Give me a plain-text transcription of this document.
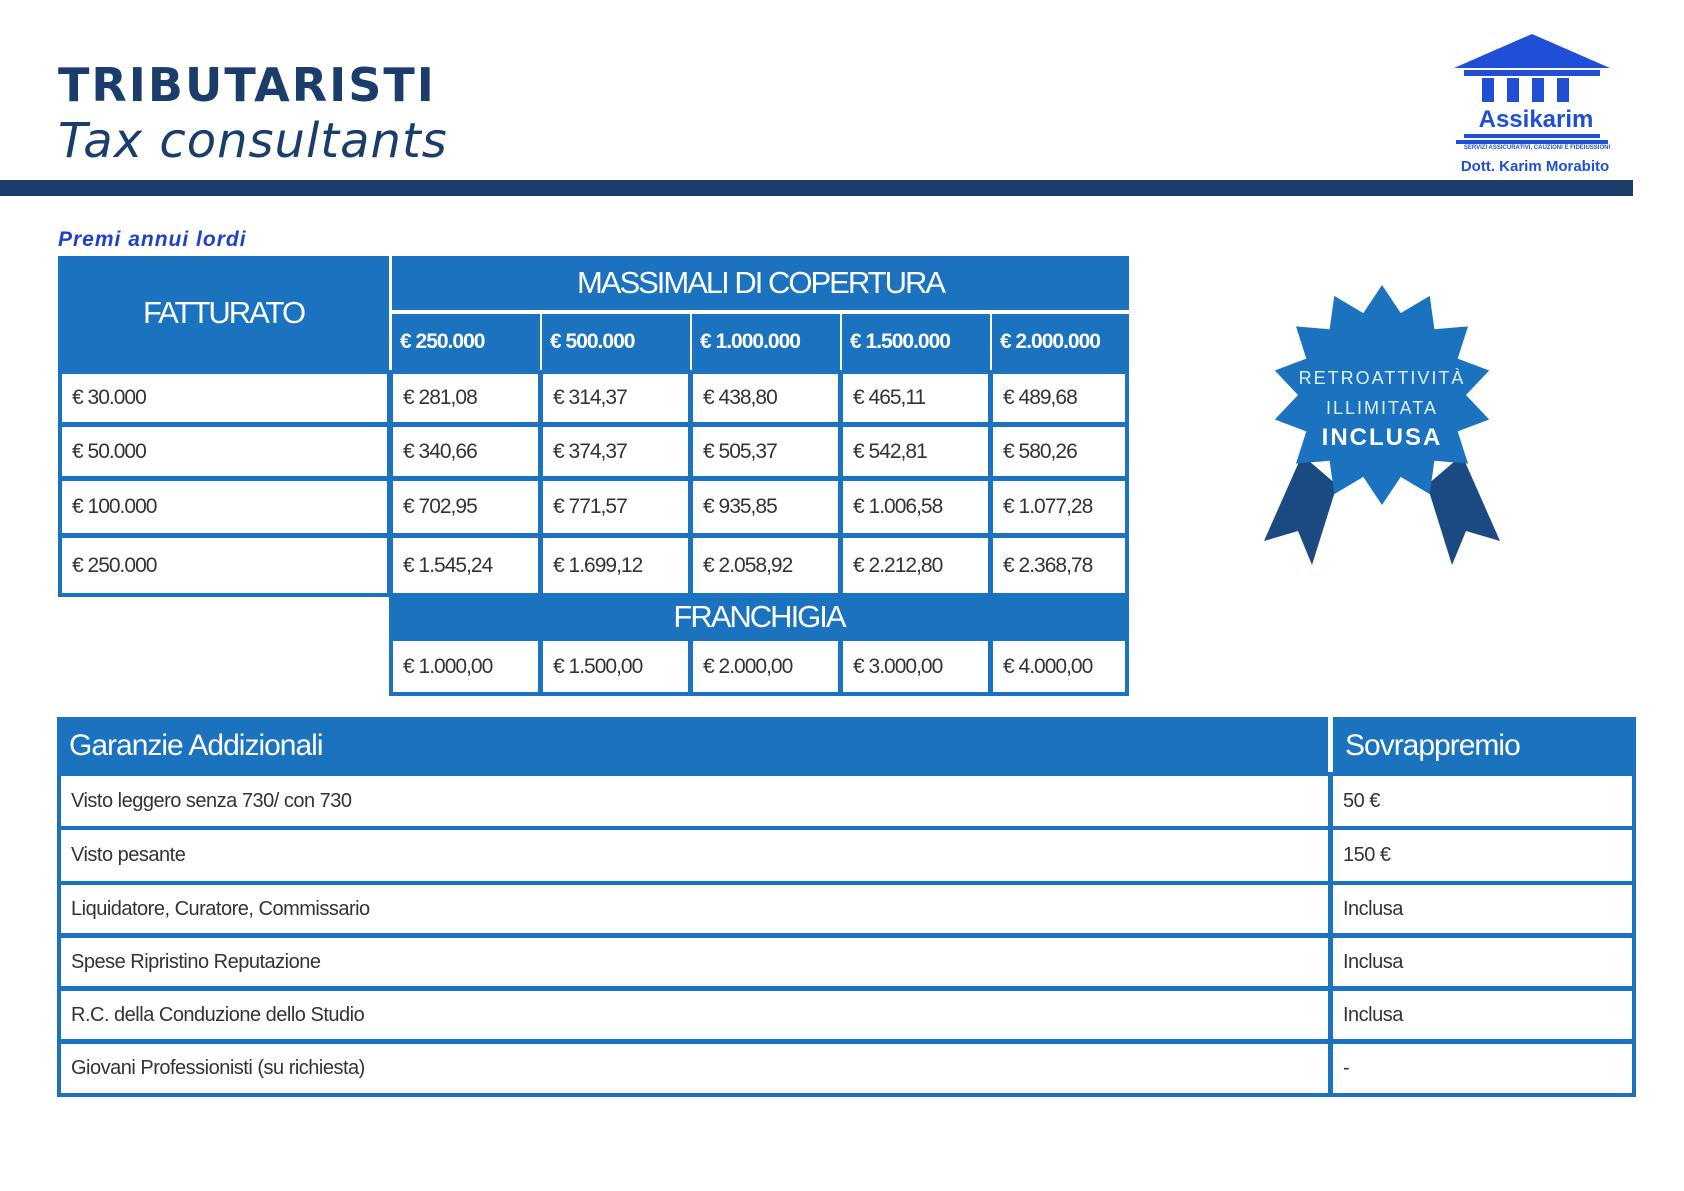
TRIBUTARISTI
Tax consultants	Assikarim
SERVIZI ASSICURATIVI, CAUZIONI E FIDEIUSSIONI
Dott. Karim Morabito
Premi annui lordi
FATTURATO
MASSIMALI DI COPERTURA
€ 250.000	€ 500.000	€ 1.000.000	€ 1.500.000	€ 2.000.000
€ 30.000	€ 281,08	€ 314,37	€ 438,80	€ 465,11	€ 489,68
€ 50.000	€ 340,66	€ 374,37	€ 505,37	€ 542,81	€ 580,26
€ 100.000	€ 702,95	€ 771,57	€ 935,85	€ 1.006,58	€ 1.077,28
€ 250.000	€ 1.545,24	€ 1.699,12	€ 2.058,92	€ 2.212,80	€ 2.368,78
FRANCHIGIA
€ 1.000,00	€ 1.500,00	€ 2.000,00	€ 3.000,00	€ 4.000,00
RETROATTIVITÀ
ILLIMITATA
INCLUSA
Garanzie Addizionali	Sovrappremio
Visto leggero senza 730/ con 730	50 €
Visto pesante	150 €
Liquidatore, Curatore, Commissario	Inclusa
Spese Ripristino Reputazione	Inclusa
R.C. della Conduzione dello Studio	Inclusa
Giovani Professionisti (su richiesta)	-
